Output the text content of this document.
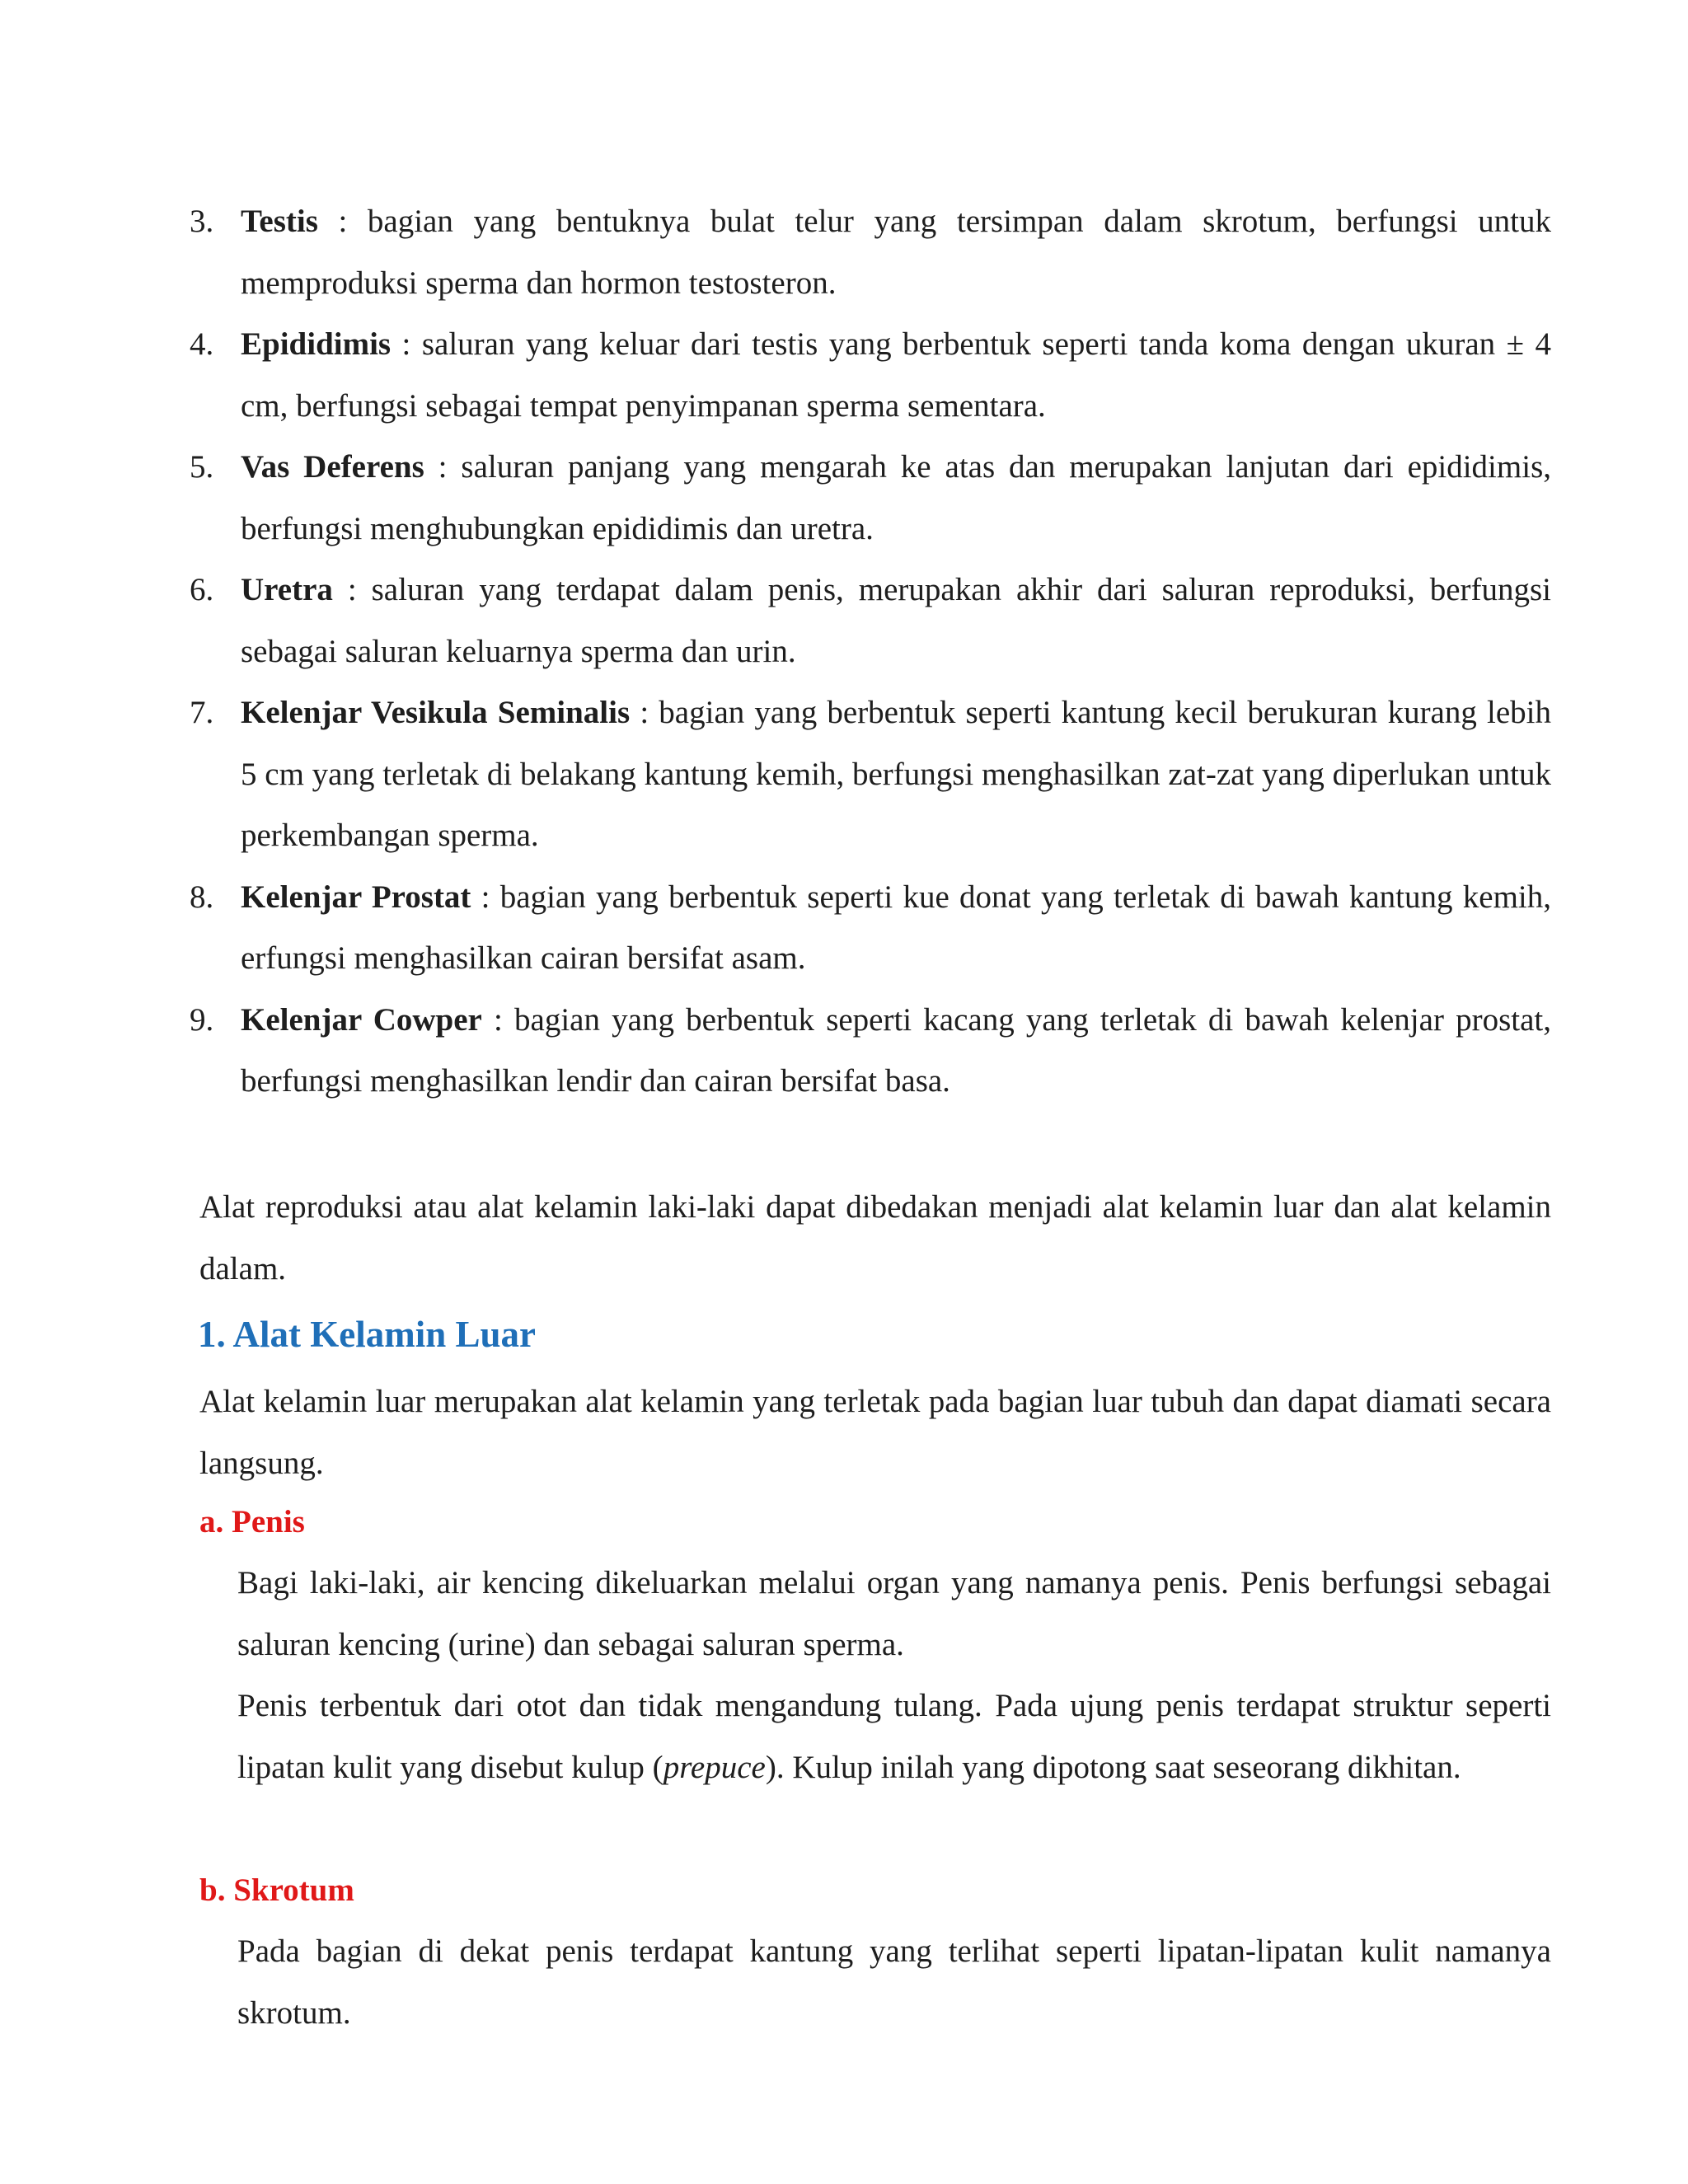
3. Testis : bagian yang bentuknya bulat telur yang tersimpan dalam skrotum, berfungsi untuk memproduksi sperma dan hormon testosteron.
4. Epididimis : saluran yang keluar dari testis yang berbentuk seperti tanda koma dengan ukuran ± 4 cm, berfungsi sebagai tempat penyimpanan sperma sementara.
5. Vas Deferens : saluran panjang yang mengarah ke atas dan merupakan lanjutan dari epididimis, berfungsi menghubungkan epididimis dan uretra.
6. Uretra : saluran yang terdapat dalam penis, merupakan akhir dari saluran reproduksi, berfungsi sebagai saluran keluarnya sperma dan urin.
7. Kelenjar Vesikula Seminalis : bagian yang berbentuk seperti kantung kecil berukuran kurang lebih 5 cm yang terletak di belakang kantung kemih, berfungsi menghasilkan zat-zat yang diperlukan untuk perkembangan sperma.
8. Kelenjar Prostat : bagian yang berbentuk seperti kue donat yang terletak di bawah kantung kemih, erfungsi menghasilkan cairan bersifat asam.
9. Kelenjar Cowper : bagian yang berbentuk seperti kacang yang terletak di bawah kelenjar prostat, berfungsi menghasilkan lendir dan cairan bersifat basa.

Alat reproduksi atau alat kelamin laki-laki dapat dibedakan menjadi alat kelamin luar dan alat kelamin dalam.

1. Alat Kelamin Luar

Alat kelamin luar merupakan alat kelamin yang terletak pada bagian luar tubuh dan dapat diamati secara langsung.

a. Penis

Bagi laki-laki, air kencing dikeluarkan melalui organ yang namanya penis. Penis berfungsi sebagai saluran kencing (urine) dan sebagai saluran sperma.

Penis terbentuk dari otot dan tidak mengandung tulang. Pada ujung penis terdapat struktur seperti lipatan kulit yang disebut kulup (prepuce). Kulup inilah yang dipotong saat seseorang dikhitan.

b. Skrotum

Pada bagian di dekat penis terdapat kantung yang terlihat seperti lipatan-lipatan kulit namanya skrotum.
